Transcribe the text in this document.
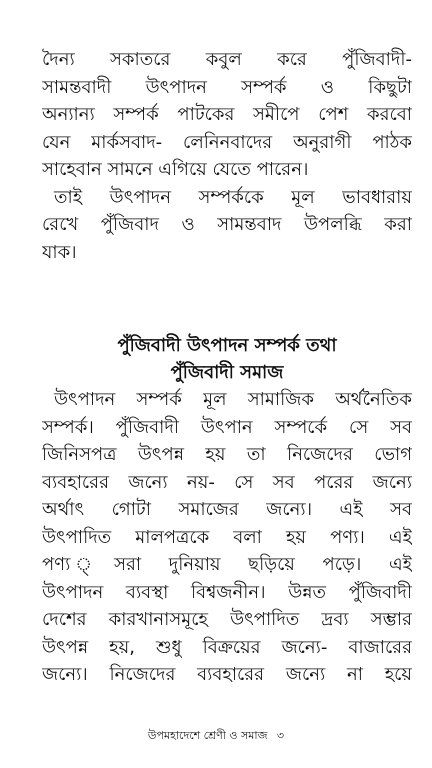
দৈন্য সকাতরে কবুল করে পুঁজিবাদী-
সামন্তবাদী উৎপাদন সম্পর্ক ও কিছুটা
অন্যান্য সম্পর্ক পাটকের সমীপে পেশ করবো
যেন মার্কসবাদ- লেনিনবাদের অনুরাগী পাঠক
সাহেবান সামনে এগিয়ে যেতে পারেন।
তাই উৎপাদন সম্পর্ককে মূল ভাবধারায়
রেখে পুঁজিবাদ ও সামন্তবাদ উপলব্ধি করা
যাক।
পুঁজিবাদী উৎপাদন সম্পর্ক তথা
পুঁজিবাদী সমাজ
উৎপাদন সম্পর্ক মূল সামাজিক অর্থনৈতিক
সম্পর্ক। পুঁজিবাদী উৎপান সম্পর্কে সে সব
জিনিসপত্র উৎপন্ন হয় তা নিজেদের ভোগ
ব্যবহারের জন্যে নয়- সে সব পরের জন্যে
অর্থাৎ গোটা সমাজের জন্যে। এই সব
উৎপাদিত মালপত্রকে বলা হয় পণ্য। এই
পণ্য ্সরা দুনিয়ায় ছড়িয়ে পড়ে। এই
উৎপাদন ব্যবস্থা বিশ্বজনীন। উন্নত পুঁজিবাদী
দেশের কারখানাসমূহে উৎপাদিত দ্রব্য সম্ভার
উৎপন্ন হয়, শুধু বিক্রয়ের জন্যে- বাজারের
জন্যে। নিজেদের ব্যবহারের জন্যে না হয়ে
উপমহাদেশে শ্রেণী ও সমাজ ৩
